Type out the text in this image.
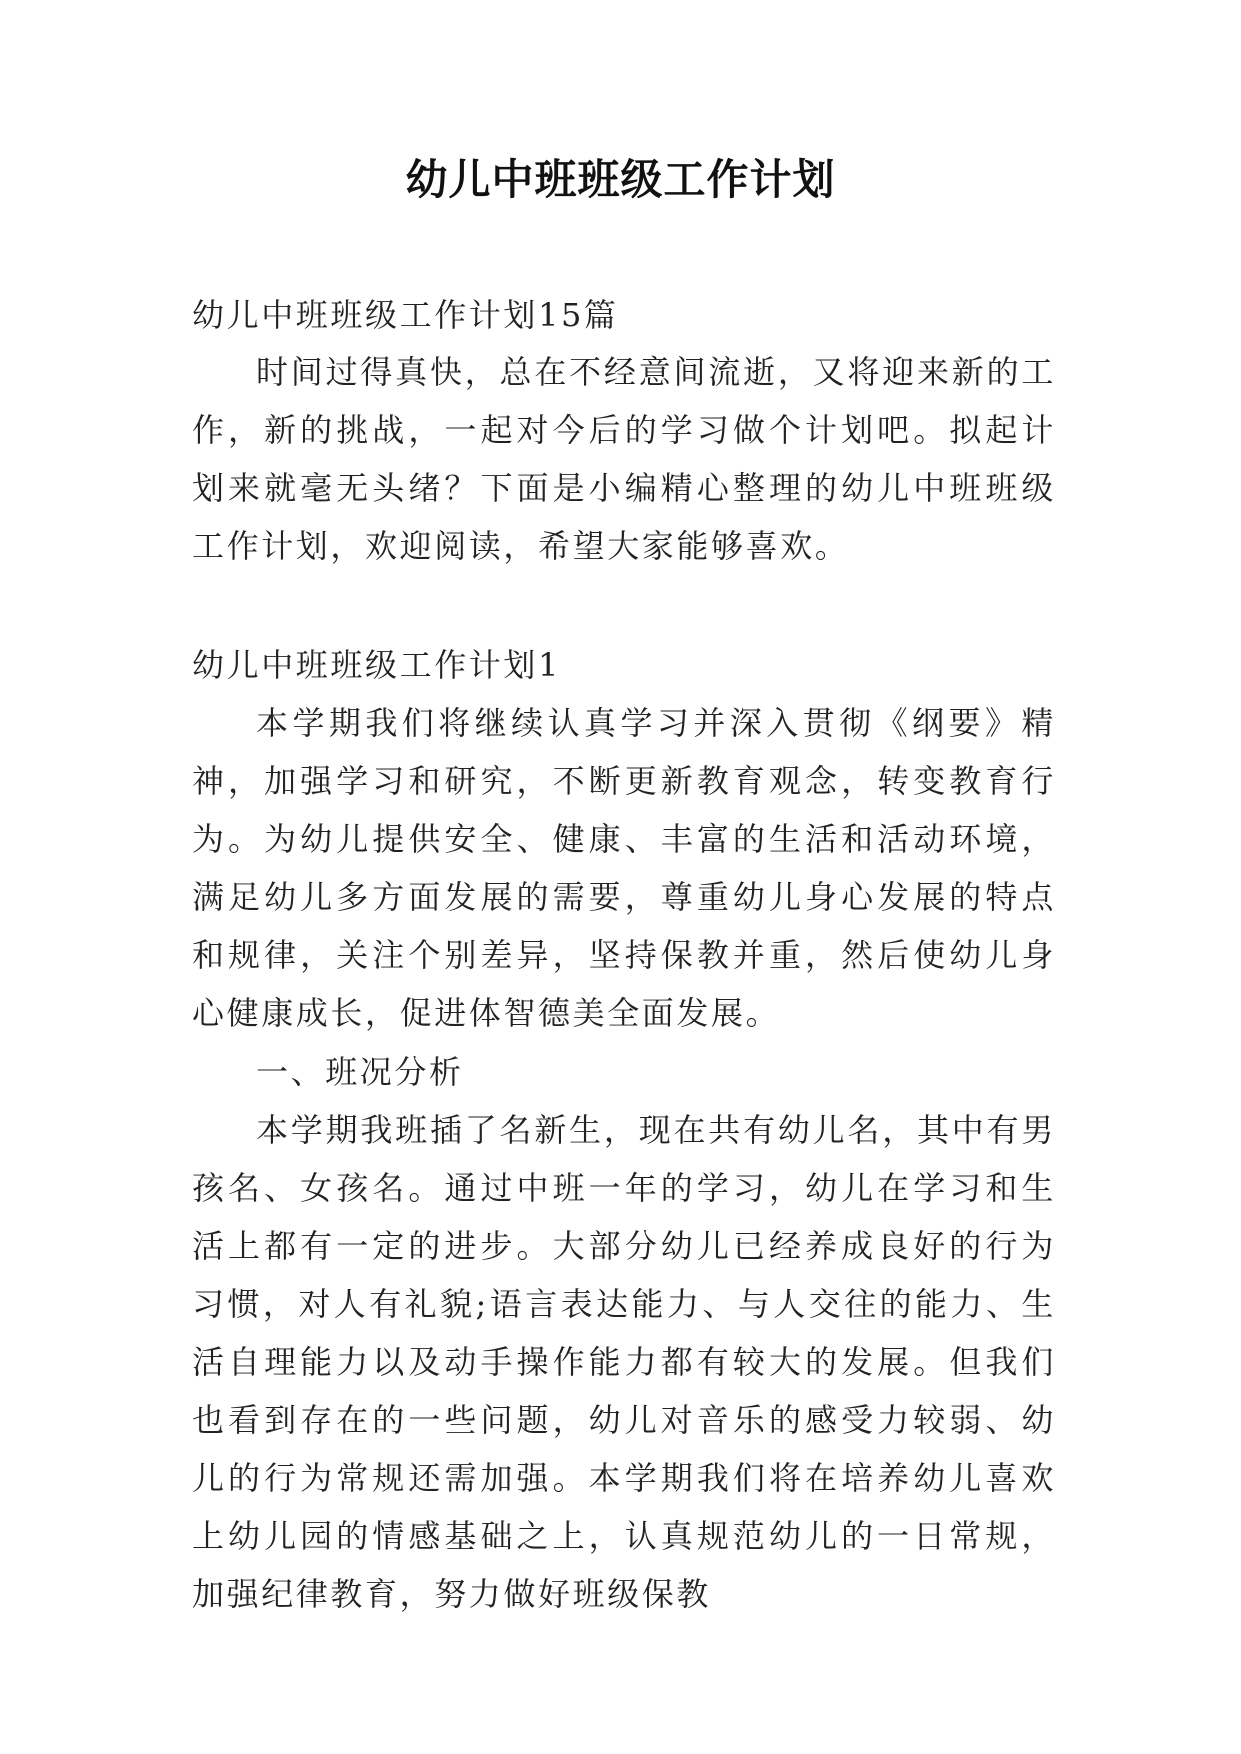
幼儿中班班级工作计划

幼儿中班班级工作计划15篇

时间过得真快，总在不经意间流逝，又将迎来新的工作，新的挑战，一起对今后的学习做个计划吧。拟起计划来就毫无头绪？下面是小编精心整理的幼儿中班班级工作计划，欢迎阅读，希望大家能够喜欢。

幼儿中班班级工作计划1

本学期我们将继续认真学习并深入贯彻《纲要》精神，加强学习和研究，不断更新教育观念，转变教育行为。为幼儿提供安全、健康、丰富的生活和活动环境，满足幼儿多方面发展的需要，尊重幼儿身心发展的特点和规律，关注个别差异，坚持保教并重，然后使幼儿身心健康成长，促进体智德美全面发展。

一、班况分析

本学期我班插了名新生，现在共有幼儿名，其中有男孩名、女孩名。通过中班一年的学习，幼儿在学习和生活上都有一定的进步。大部分幼儿已经养成良好的行为习惯，对人有礼貌;语言表达能力、与人交往的能力、生活自理能力以及动手操作能力都有较大的发展。但我们也看到存在的一些问题，幼儿对音乐的感受力较弱、幼儿的行为常规还需加强。本学期我们将在培养幼儿喜欢上幼儿园的情感基础之上，认真规范幼儿的一日常规，加强纪律教育，努力做好班级保教
